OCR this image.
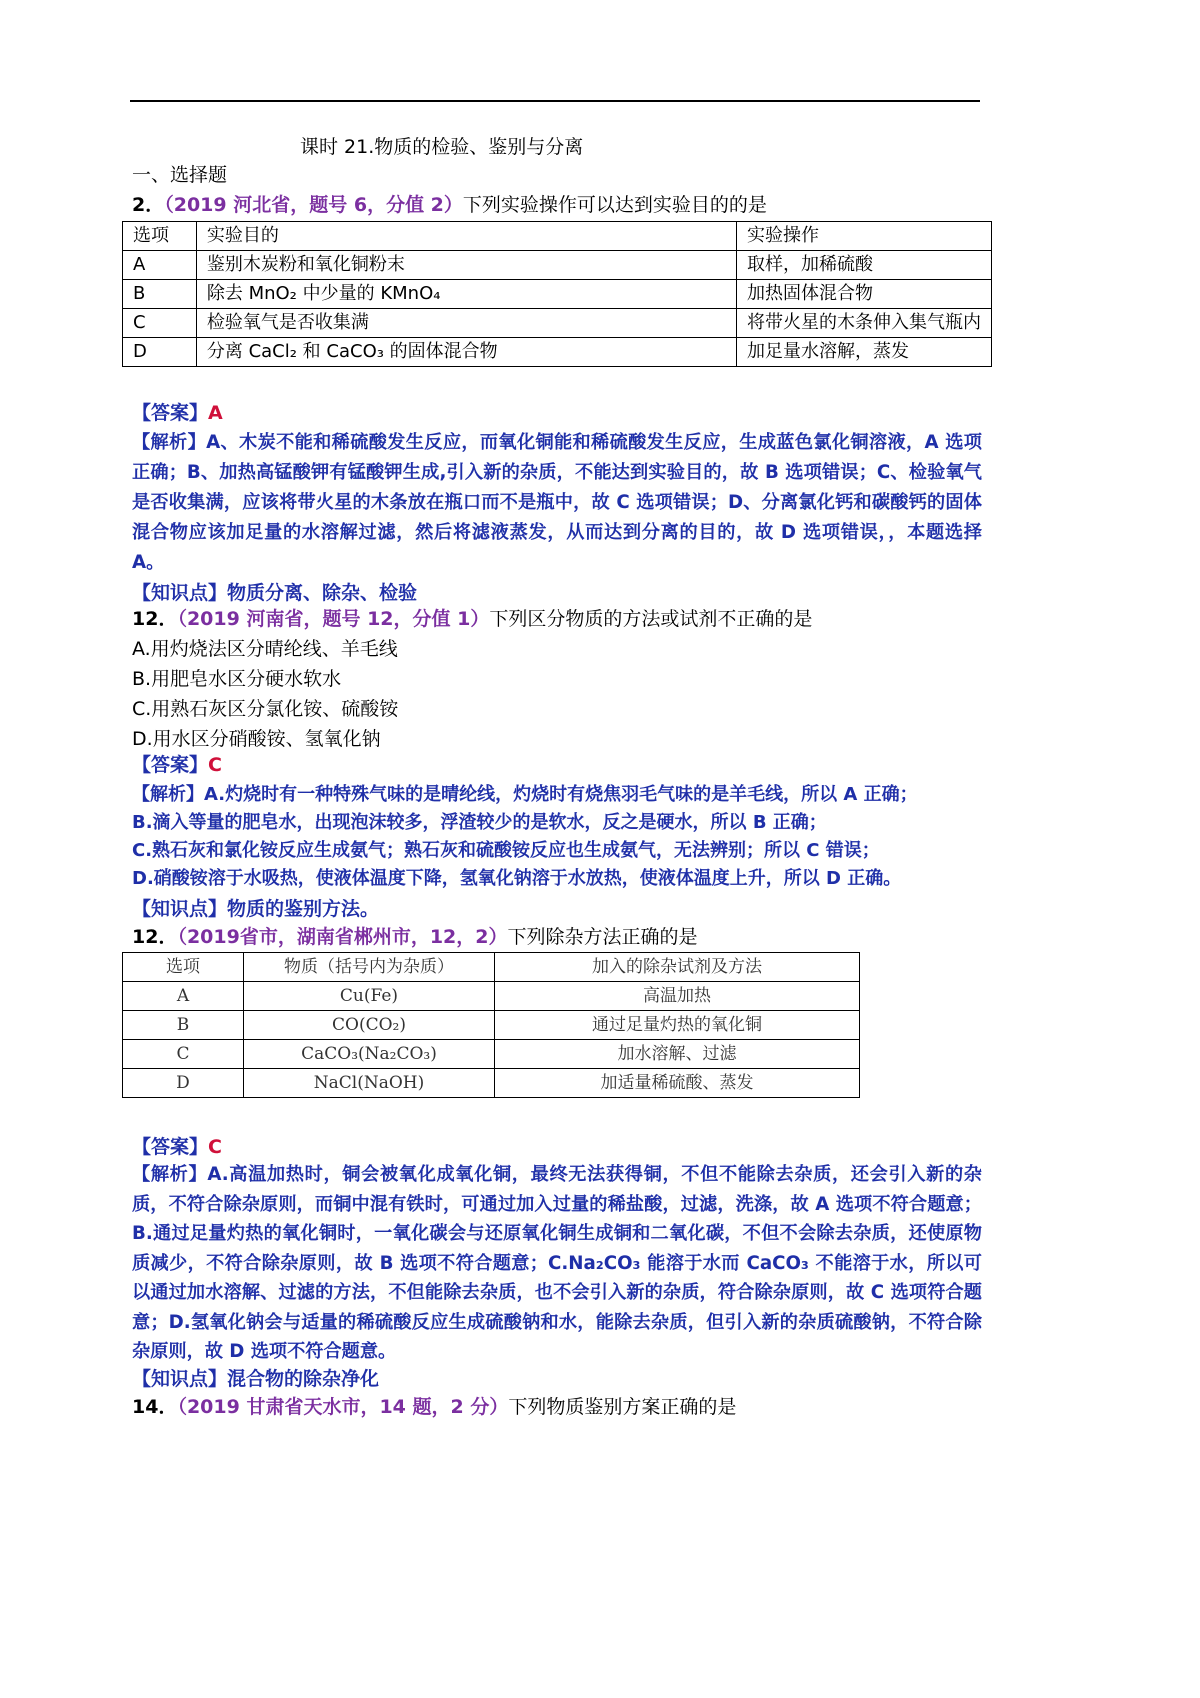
课时 21.物质的检验、鉴别与分离
一、选择题
2．（2019 河北省，题号 6，分值 2）下列实验操作可以达到实验目的的是
选项	实验目的	实验操作
A	鉴别木炭粉和氧化铜粉末	取样，加稀硫酸
B	除去 MnO₂ 中少量的 KMnO₄	加热固体混合物
C	检验氧气是否收集满	将带火星的木条伸入集气瓶内
D	分离 CaCl₂ 和 CaCO₃ 的固体混合物	加足量水溶解，蒸发
【答案】A
【解析】A、木炭不能和稀硫酸发生反应，而氧化铜能和稀硫酸发生反应，生成蓝色氯化铜溶液，A 选项正确；B、加热高锰酸钾有锰酸钾生成,引入新的杂质，不能达到实验目的，故 B 选项错误；C、检验氧气是否收集满，应该将带火星的木条放在瓶口而不是瓶中，故 C 选项错误；D、分离氯化钙和碳酸钙的固体混合物应该加足量的水溶解过滤，然后将滤液蒸发，从而达到分离的目的，故 D 选项错误，，本题选择 A。
【知识点】物质分离、除杂、检验
12．（2019 河南省，题号 12，分值 1）下列区分物质的方法或试剂不正确的是
A.用灼烧法区分晴纶线、羊毛线
B.用肥皂水区分硬水软水
C.用熟石灰区分氯化铵、硫酸铵
D.用水区分硝酸铵、氢氧化钠
【答案】C
【解析】A.灼烧时有一种特殊气味的是晴纶线，灼烧时有烧焦羽毛气味的是羊毛线，所以 A 正确；
B.滴入等量的肥皂水，出现泡沫较多，浮渣较少的是软水，反之是硬水，所以 B 正确；
C.熟石灰和氯化铵反应生成氨气；熟石灰和硫酸铵反应也生成氨气，无法辨别；所以 C 错误；
D.硝酸铵溶于水吸热，使液体温度下降，氢氧化钠溶于水放热，使液体温度上升，所以 D 正确。
【知识点】物质的鉴别方法。
12．（2019省市，湖南省郴州市，12，2）下列除杂方法正确的是
选项	物质（括号内为杂质）	加入的除杂试剂及方法
A	Cu(Fe)	高温加热
B	CO(CO₂)	通过足量灼热的氧化铜
C	CaCO₃(Na₂CO₃)	加水溶解、过滤
D	NaCl(NaOH)	加适量稀硫酸、蒸发
【答案】C
【解析】A.高温加热时，铜会被氧化成氧化铜，最终无法获得铜，不但不能除去杂质，还会引入新的杂质，不符合除杂原则，而铜中混有铁时，可通过加入过量的稀盐酸，过滤，洗涤，故 A 选项不符合题意；B.通过足量灼热的氧化铜时，一氧化碳会与还原氧化铜生成铜和二氧化碳，不但不会除去杂质，还使原物质减少，不符合除杂原则，故 B 选项不符合题意；C.Na₂CO₃ 能溶于水而 CaCO₃ 不能溶于水，所以可以通过加水溶解、过滤的方法，不但能除去杂质，也不会引入新的杂质，符合除杂原则，故 C 选项符合题意；D.氢氧化钠会与适量的稀硫酸反应生成硫酸钠和水，能除去杂质，但引入新的杂质硫酸钠，不符合除杂原则，故 D 选项不符合题意。
【知识点】混合物的除杂净化
14．（2019 甘肃省天水市，14 题，2 分）下列物质鉴别方案正确的是
